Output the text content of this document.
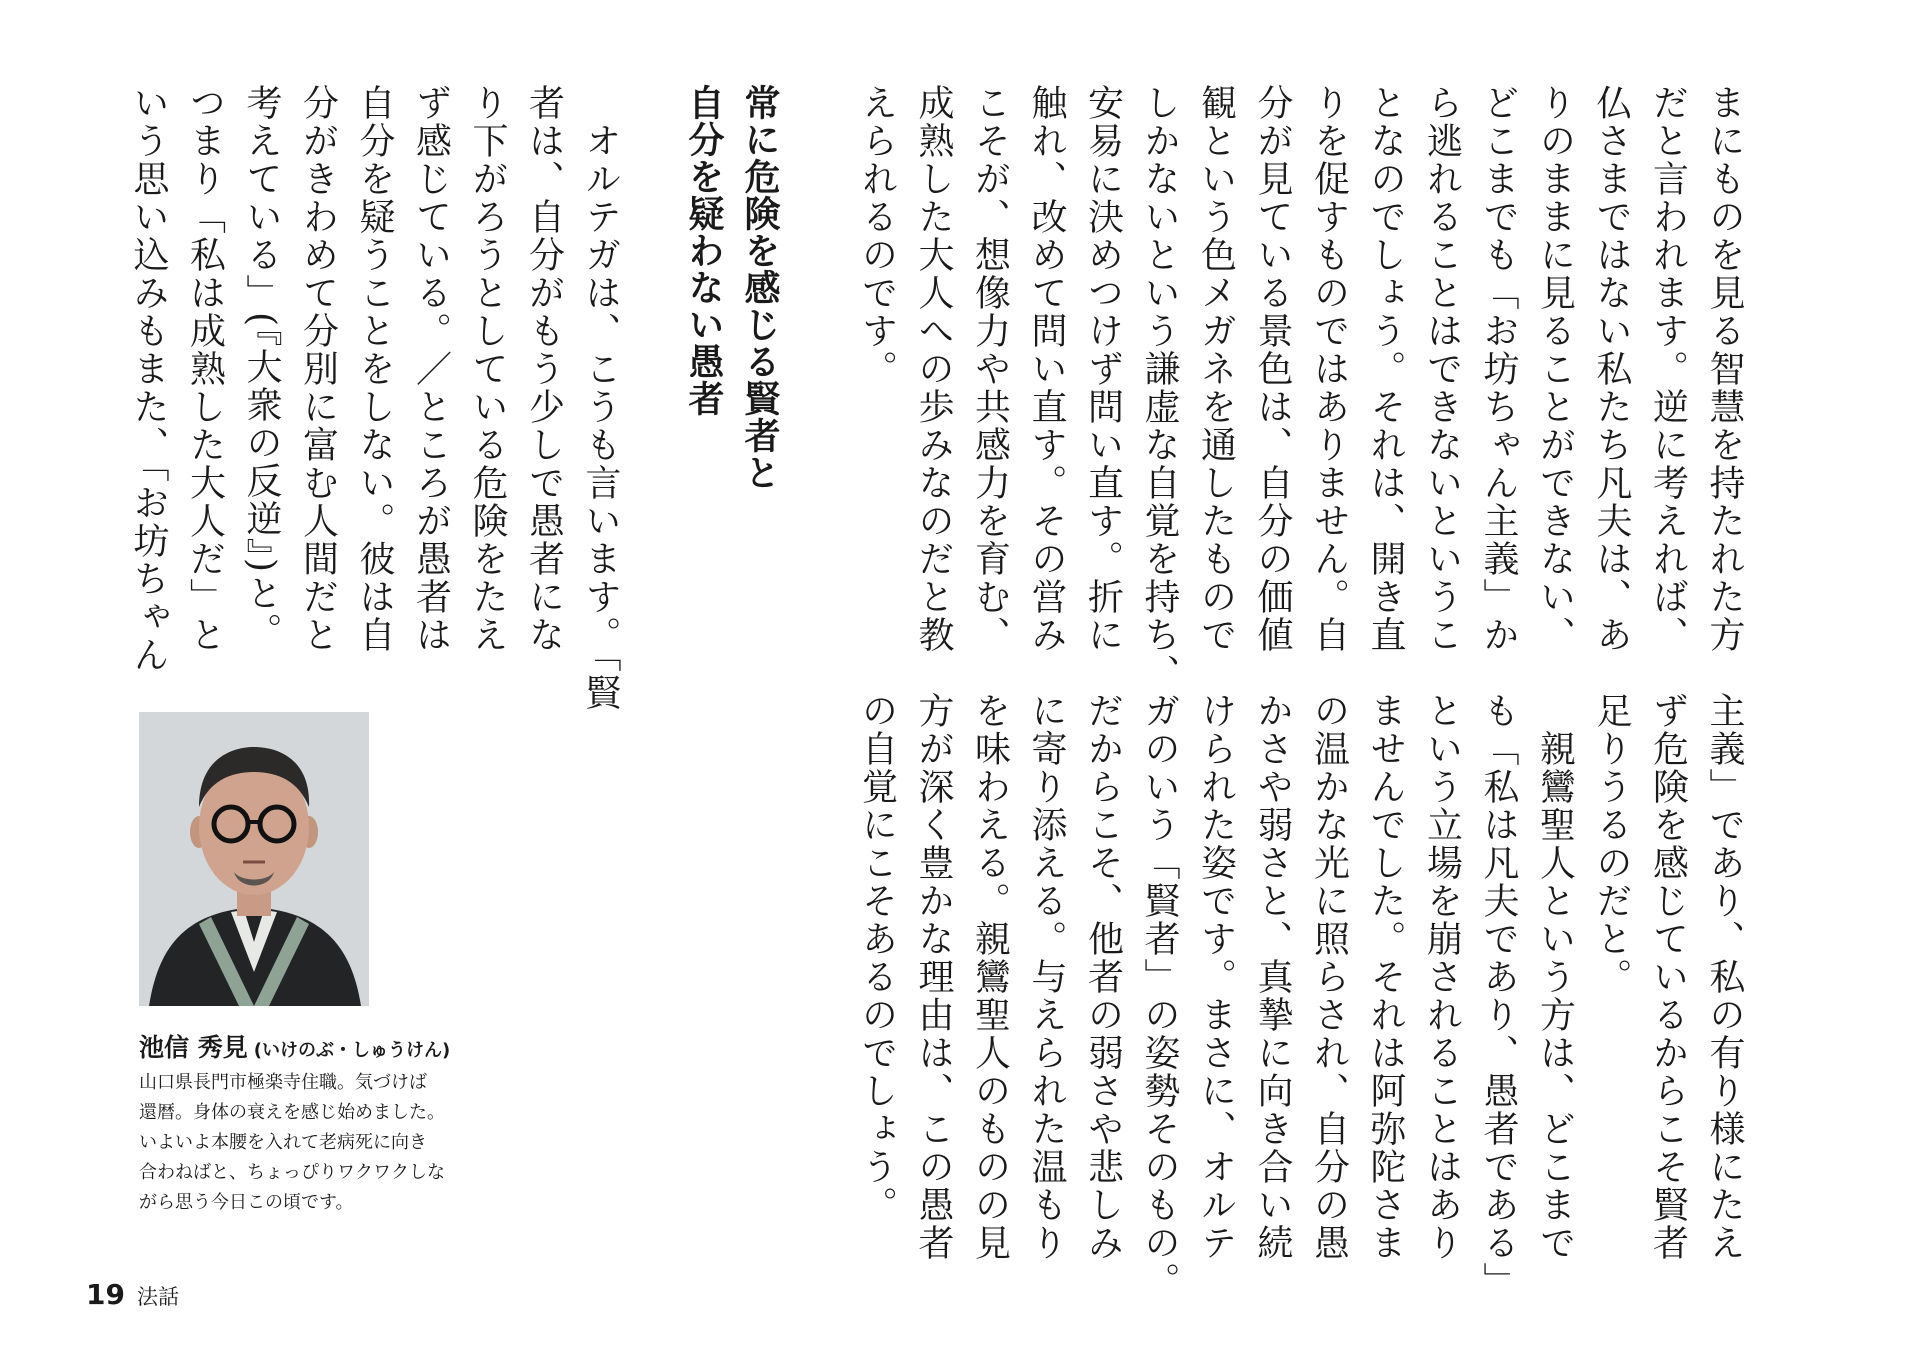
まにものを見る智慧を持たれた方
だと言われます。逆に考えれば、
仏さまではない私たち凡夫は、あ
りのままに見ることができない、
どこまでも「お坊ちゃん主義」か
ら逃れることはできないというこ
となのでしょう。それは、開き直
りを促すものではありません。自
分が見ている景色は、自分の価値
観という色メガネを通したもので
しかないという謙虚な自覚を持ち、
安易に決めつけず問い直す。折に
触れ、改めて問い直す。その営み
こそが、想像力や共感力を育む、
成熟した大人への歩みなのだと教
えられるのです。
主義」であり、私の有り様にたえ
ず危険を感じているからこそ賢者
足りうるのだと。
　親鸞聖人という方は、どこまで
も「私は凡夫であり、愚者である」
という立場を崩されることはあり
ませんでした。それは阿弥陀さま
の温かな光に照らされ、自分の愚
かさや弱さと、真摯に向き合い続
けられた姿です。まさに、オルテ
ガのいう「賢者」の姿勢そのもの。
だからこそ、他者の弱さや悲しみ
に寄り添える。与えられた温もり
を味わえる。親鸞聖人のものの見
方が深く豊かな理由は、この愚者
の自覚にこそあるのでしょう。
常に危険を感じる賢者と
自分を疑わない愚者
　オルテガは、こうも言います。「賢
者は、自分がもう少しで愚者にな
り下がろうとしている危険をたえ
ず感じている。／ところが愚者は
自分を疑うことをしない。彼は自
分がきわめて分別に富む人間だと
考えている」(『大衆の反逆』)と。
つまり「私は成熟した大人だ」と
いう思い込みもまた、「お坊ちゃん
池信 秀見 (いけのぶ・しゅうけん)
山口県長門市極楽寺住職。気づけば
還暦。身体の衰えを感じ始めました。
いよいよ本腰を入れて老病死に向き
合わねばと、ちょっぴりワクワクしな
がら思う今日この頃です。
19 法話
